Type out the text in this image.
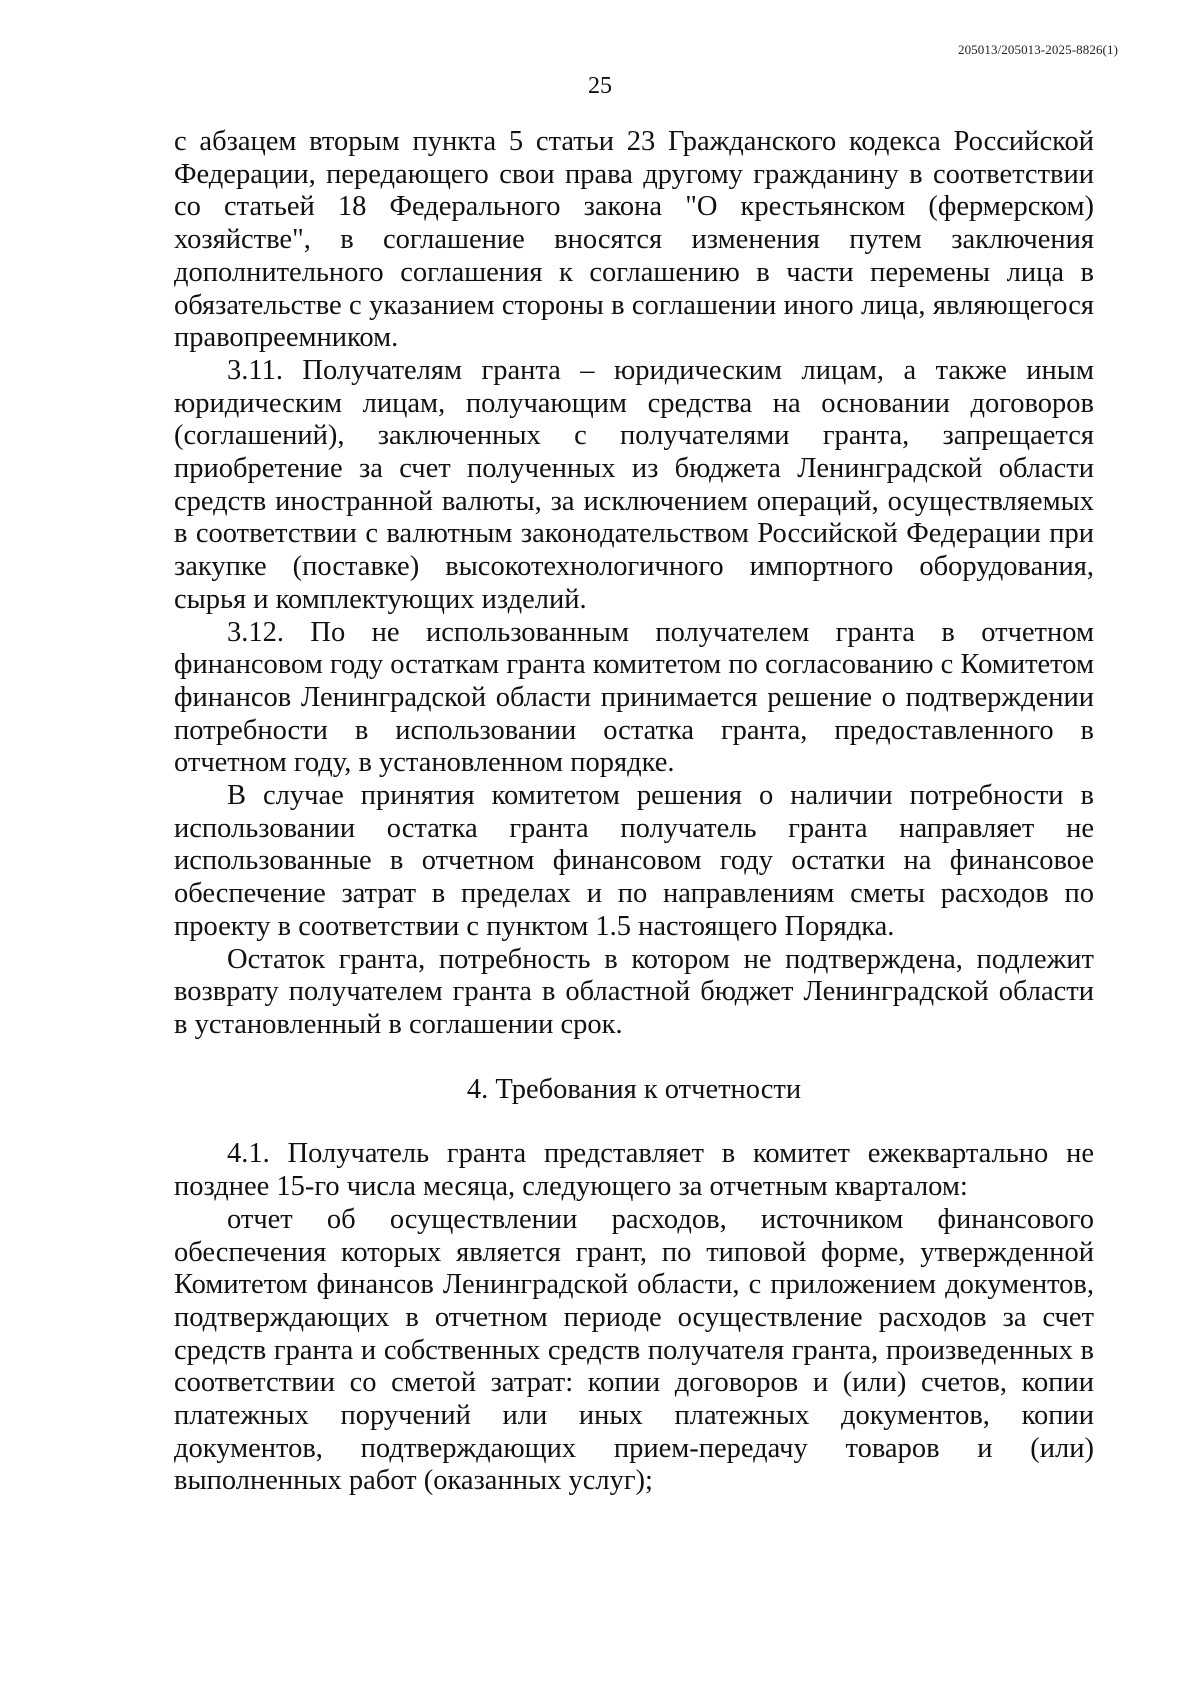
205013/205013-2025-8826(1)
25

с абзацем вторым пункта 5 статьи 23 Гражданского кодекса Российской Федерации, передающего свои права другому гражданину в соответствии со статьей 18 Федерального закона "О крестьянском (фермерском) хозяйстве", в соглашение вносятся изменения путем заключения дополнительного соглашения к соглашению в части перемены лица в обязательстве с указанием стороны в соглашении иного лица, являющегося правопреемником.

3.11. Получателям гранта – юридическим лицам, а также иным юридическим лицам, получающим средства на основании договоров (соглашений), заключенных с получателями гранта, запрещается приобретение за счет полученных из бюджета Ленинградской области средств иностранной валюты, за исключением операций, осуществляемых в соответствии с валютным законодательством Российской Федерации при закупке (поставке) высокотехнологичного импортного оборудования, сырья и комплектующих изделий.

3.12. По не использованным получателем гранта в отчетном финансовом году остаткам гранта комитетом по согласованию с Комитетом финансов Ленинградской области принимается решение о подтверждении потребности в использовании остатка гранта, предоставленного в отчетном году, в установленном порядке.

В случае принятия комитетом решения о наличии потребности в использовании остатка гранта получатель гранта направляет не использованные в отчетном финансовом году остатки на финансовое обеспечение затрат в пределах и по направлениям сметы расходов по проекту в соответствии с пунктом 1.5 настоящего Порядка.

Остаток гранта, потребность в котором не подтверждена, подлежит возврату получателем гранта в областной бюджет Ленинградской области в установленный в соглашении срок.

4. Требования к отчетности

4.1. Получатель гранта представляет в комитет ежеквартально не позднее 15-го числа месяца, следующего за отчетным кварталом:

отчет об осуществлении расходов, источником финансового обеспечения которых является грант, по типовой форме, утвержденной Комитетом финансов Ленинградской области, с приложением документов, подтверждающих в отчетном периоде осуществление расходов за счет средств гранта и собственных средств получателя гранта, произведенных в соответствии со сметой затрат: копии договоров и (или) счетов, копии платежных поручений или иных платежных документов, копии документов, подтверждающих прием-передачу товаров и (или) выполненных работ (оказанных услуг);
